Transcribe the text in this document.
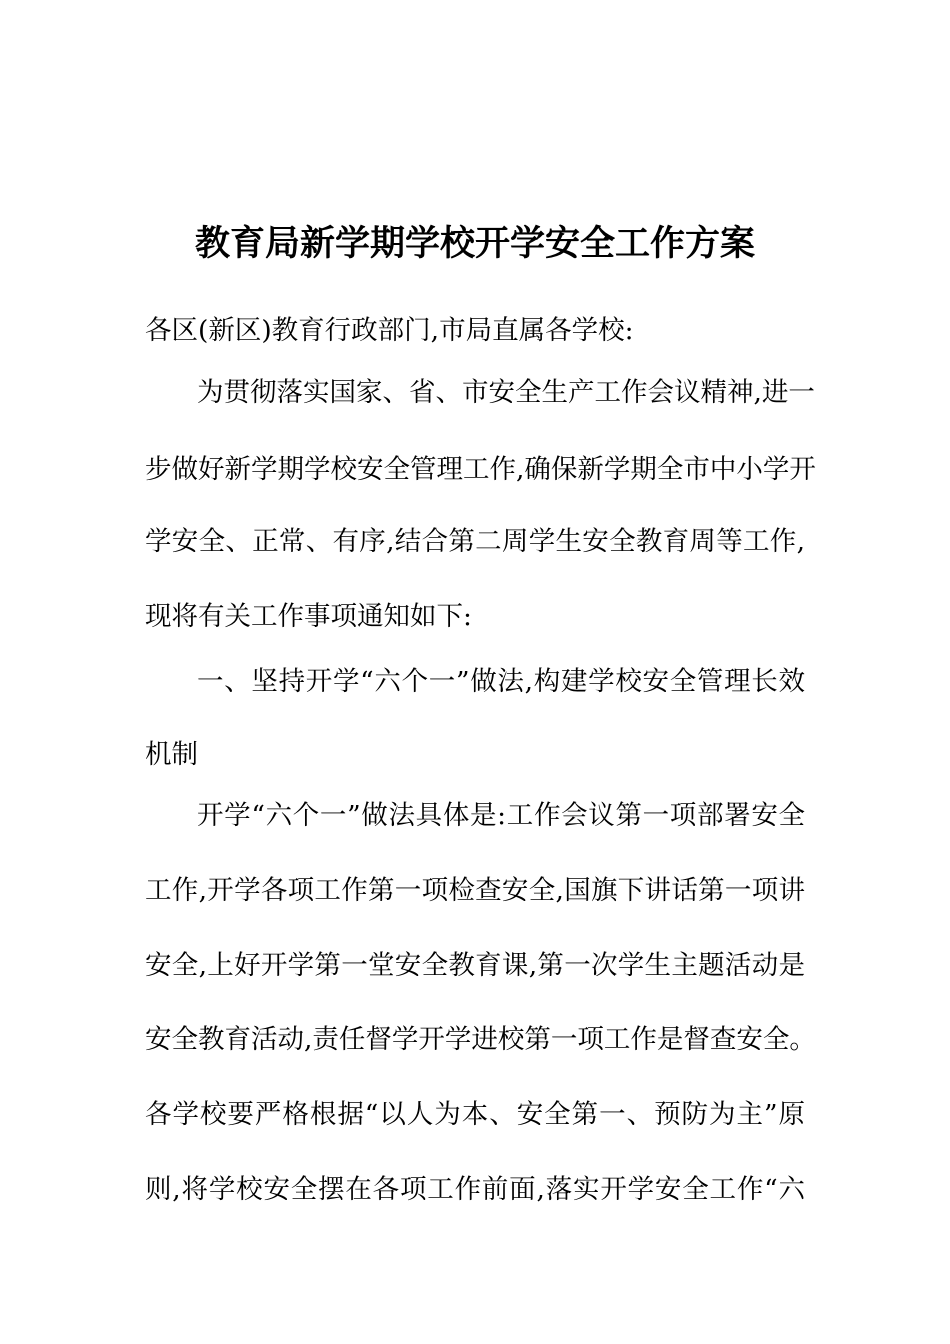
教育局新学期学校开学安全工作方案
各区(新区)教育行政部门,市局直属各学校:
为贯彻落实国家、省、市安全生产工作会议精神,进一
步做好新学期学校安全管理工作,确保新学期全市中小学开
学安全、正常、有序,结合第二周学生安全教育周等工作,
现将有关工作事项通知如下:
一、坚持开学“六个一”做法,构建学校安全管理长效
机制
开学“六个一”做法具体是:工作会议第一项部署安全
工作,开学各项工作第一项检查安全,国旗下讲话第一项讲
安全,上好开学第一堂安全教育课,第一次学生主题活动是
安全教育活动,责任督学开学进校第一项工作是督查安全。
各学校要严格根据“以人为本、安全第一、预防为主”原
则,将学校安全摆在各项工作前面,落实开学安全工作“六
